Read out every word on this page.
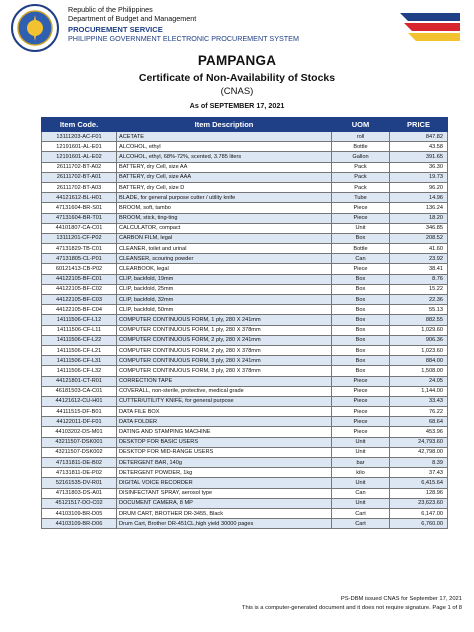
Republic of the Philippines
Department of Budget and Management
PROCUREMENT SERVICE
PHILIPPINE GOVERNMENT ELECTRONIC PROCUREMENT SYSTEM
PAMPANGA
Certificate of Non-Availability of Stocks
(CNAS)
As of SEPTEMBER 17, 2021
Item Code.	Item Description	UOM	PRICE
13111203-AC-F01	ACETATE	roll	847.82
12191601-AL-E01	ALCOHOL, ethyl	Bottle	43.58
12191601-AL-E02	ALCOHOL, ethyl, 68%-72%, scented, 3.785 liters	Gallon	391.65
26111702-BT-A02	BATTERY, dry Cell, size AA	Pack	36.30
26111702-BT-A01	BATTERY, dry Cell, size AAA	Pack	19.73
26111702-BT-A03	BATTERY, dry Cell, size D	Pack	96.20
44121612-BL-H01	BLADE, for general purpose cutter / utility knife	Tube	14.96
47131604-BR-S01	BROOM, soft, tambo	Piece	136.24
47131604-BR-T01	BROOM, stick, ting-ting	Piece	18.20
44101807-CA-C01	CALCULATOR, compact	Unit	346.85
13111201-CF-P02	CARBON FILM, legal	Box	208.52
47131829-TB-C01	CLEANER, toilet and urinal	Bottle	41.60
47131805-CL-P01	CLEANSER, scouring powder	Can	23.92
60121413-CB-P02	CLEARBOOK, legal	Piece	38.41
44122105-BF-C01	CLIP, backfold, 19mm	Box	8.76
44122105-BF-C02	CLIP, backfold, 25mm	Box	15.22
44122105-BF-C03	CLIP, backfold, 32mm	Box	22.36
44122105-BF-C04	CLIP, backfold, 50mm	Box	55.13
14111506-CF-L12	COMPUTER CONTINUOUS FORM, 1 ply, 280 X 241mm	Box	882.55
14111506-CF-L11	COMPUTER CONTINUOUS FORM, 1 ply, 280 X 378mm	Box	1,029.60
14111506-CF-L22	COMPUTER CONTINUOUS FORM, 2 ply, 280 X 241mm	Box	906.36
14111506-CF-L21	COMPUTER CONTINUOUS FORM, 2 ply, 280 X 378mm	Box	1,023.60
14111506-CF-L31	COMPUTER CONTINUOUS FORM, 3 ply, 280 X 241mm	Box	884.00
14111506-CF-L32	COMPUTER CONTINUOUS FORM, 3 ply, 280 X 378mm	Box	1,508.00
44121801-CT-R01	CORRECTION TAPE	Piece	24.05
46181503-CA-C01	COVERALL, non-sterile, protective, medical grade	Piece	1,144.00
44121612-CU-H01	CUTTER/UTILITY KNIFE, for general purpose	Piece	33.43
44111515-DF-B01	DATA FILE BOX	Piece	76.22
44122011-DF-F01	DATA FOLDER	Piece	68.64
44103202-DS-M01	DATING AND STAMPING MACHINE	Piece	453.96
43211507-DSK001	DESKTOP FOR BASIC USERS	Unit	24,793.60
43211507-DSK002	DESKTOP FOR MID-RANGE USERS	Unit	42,798.00
47131811-DE-B02	DETERGENT BAR, 140g	bar	8.39
47131811-DE-P02	DETERGENT POWDER, 1kg	kilo	37.43
52161535-DV-R01	DIGITAL VOICE RECORDER	Unit	6,415.64
47131803-DS-A01	DISINFECTANT SPRAY, aerosol type	Can	128.96
45121517-DO-C02	DOCUMENT CAMERA, 8 MP	Unit	23,623.60
44103109-BR-D05	DRUM CART, BROTHER DR-3455, Black	Cart	6,147.00
44103109-BR-D06	Drum Cart, Brother DR-451CL,high yield 30000 pages	Cart	6,760.00
PS-DBM issued CNAS for September 17, 2021
This is a computer-generated document and it does not require signature. Page 1 of 8
